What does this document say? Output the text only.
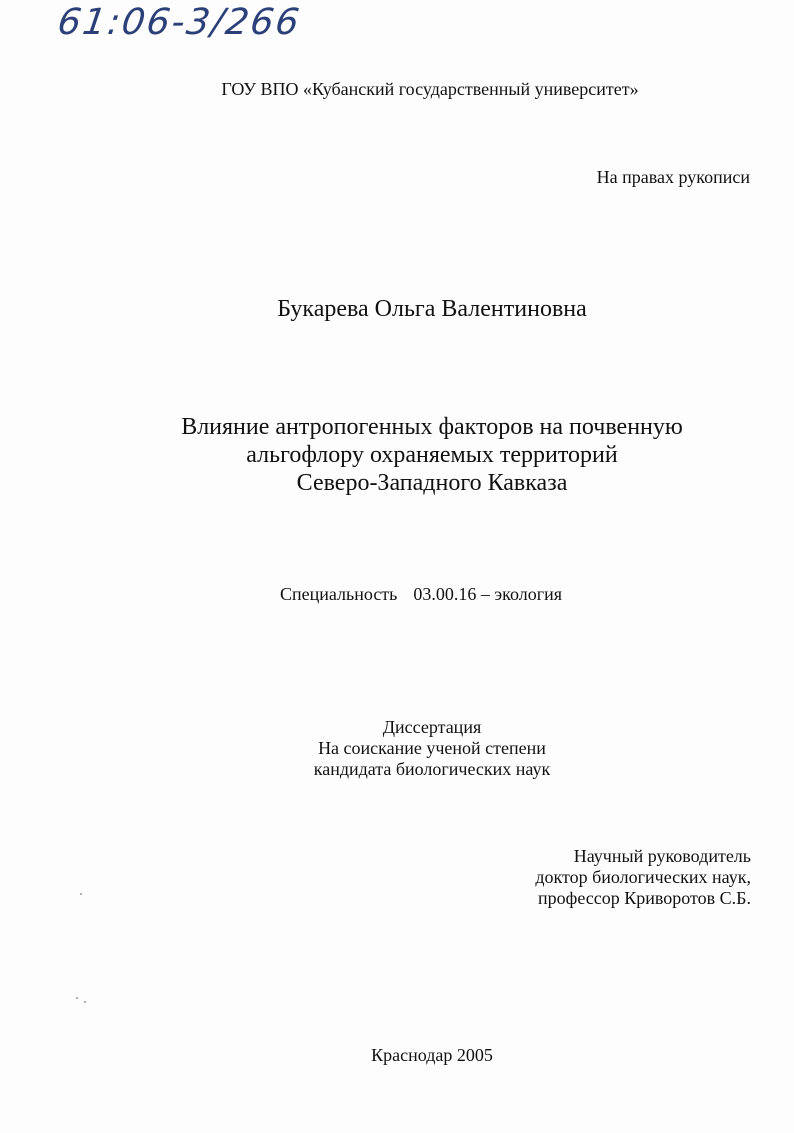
61:06-3/266
ГОУ ВПО «Кубанский государственный университет»
На правах рукописи
Букарева Ольга Валентиновна
Влияние антропогенных факторов на почвенную
альгофлору охраняемых территорий
Северо-Западного Кавказа
Специальность 03.00.16 – экология
Диссертация
На соискание ученой степени
кандидата биологических наук
Научный руководитель
доктор биологических наук,
профессор Криворотов С.Б.
Краснодар 2005
